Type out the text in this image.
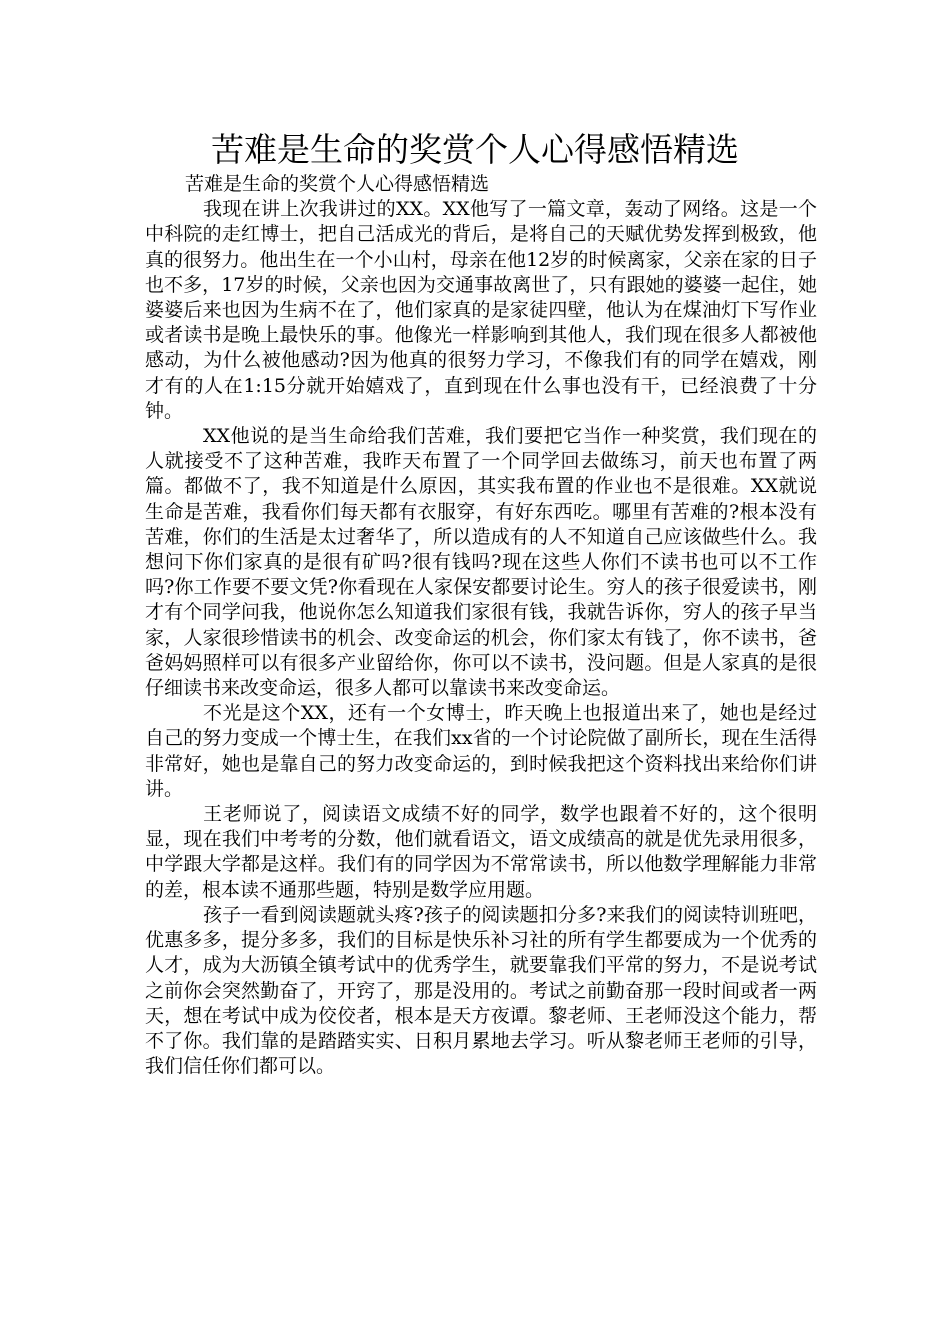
苦难是生命的奖赏个人心得感悟精选

苦难是生命的奖赏个人心得感悟精选

我现在讲上次我讲过的XX。XX他写了一篇文章，轰动了网络。这是一个中科院的走红博士，把自己活成光的背后，是将自己的天赋优势发挥到极致，他真的很努力。他出生在一个小山村，母亲在他12岁的时候离家，父亲在家的日子也不多，17岁的时候，父亲也因为交通事故离世了，只有跟她的婆婆一起住，她婆婆后来也因为生病不在了，他们家真的是家徒四壁，他认为在煤油灯下写作业或者读书是晚上最快乐的事。他像光一样影响到其他人，我们现在很多人都被他感动，为什么被他感动?因为他真的很努力学习，不像我们有的同学在嬉戏，刚才有的人在1:15分就开始嬉戏了，直到现在什么事也没有干，已经浪费了十分钟。

XX他说的是当生命给我们苦难，我们要把它当作一种奖赏，我们现在的人就接受不了这种苦难，我昨天布置了一个同学回去做练习，前天也布置了两篇。都做不了，我不知道是什么原因，其实我布置的作业也不是很难。XX就说生命是苦难，我看你们每天都有衣服穿，有好东西吃。哪里有苦难的?根本没有苦难，你们的生活是太过奢华了，所以造成有的人不知道自己应该做些什么。我想问下你们家真的是很有矿吗?很有钱吗?现在这些人你们不读书也可以不工作吗?你工作要不要文凭?你看现在人家保安都要讨论生。穷人的孩子很爱读书，刚才有个同学问我，他说你怎么知道我们家很有钱，我就告诉你，穷人的孩子早当家，人家很珍惜读书的机会、改变命运的机会，你们家太有钱了，你不读书，爸爸妈妈照样可以有很多产业留给你，你可以不读书，没问题。但是人家真的是很仔细读书来改变命运，很多人都可以靠读书来改变命运。

不光是这个XX，还有一个女博士，昨天晚上也报道出来了，她也是经过自己的努力变成一个博士生，在我们xx省的一个讨论院做了副所长，现在生活得非常好，她也是靠自己的努力改变命运的，到时候我把这个资料找出来给你们讲讲。

王老师说了，阅读语文成绩不好的同学，数学也跟着不好的，这个很明显，现在我们中考考的分数，他们就看语文，语文成绩高的就是优先录用很多，中学跟大学都是这样。我们有的同学因为不常常读书，所以他数学理解能力非常的差，根本读不通那些题，特别是数学应用题。

孩子一看到阅读题就头疼?孩子的阅读题扣分多?来我们的阅读特训班吧，优惠多多，提分多多，我们的目标是快乐补习社的所有学生都要成为一个优秀的人才，成为大沥镇全镇考试中的优秀学生，就要靠我们平常的努力，不是说考试之前你会突然勤奋了，开窍了，那是没用的。考试之前勤奋那一段时间或者一两天，想在考试中成为佼佼者，根本是天方夜谭。黎老师、王老师没这个能力，帮不了你。我们靠的是踏踏实实、日积月累地去学习。听从黎老师王老师的引导，我们信任你们都可以。
